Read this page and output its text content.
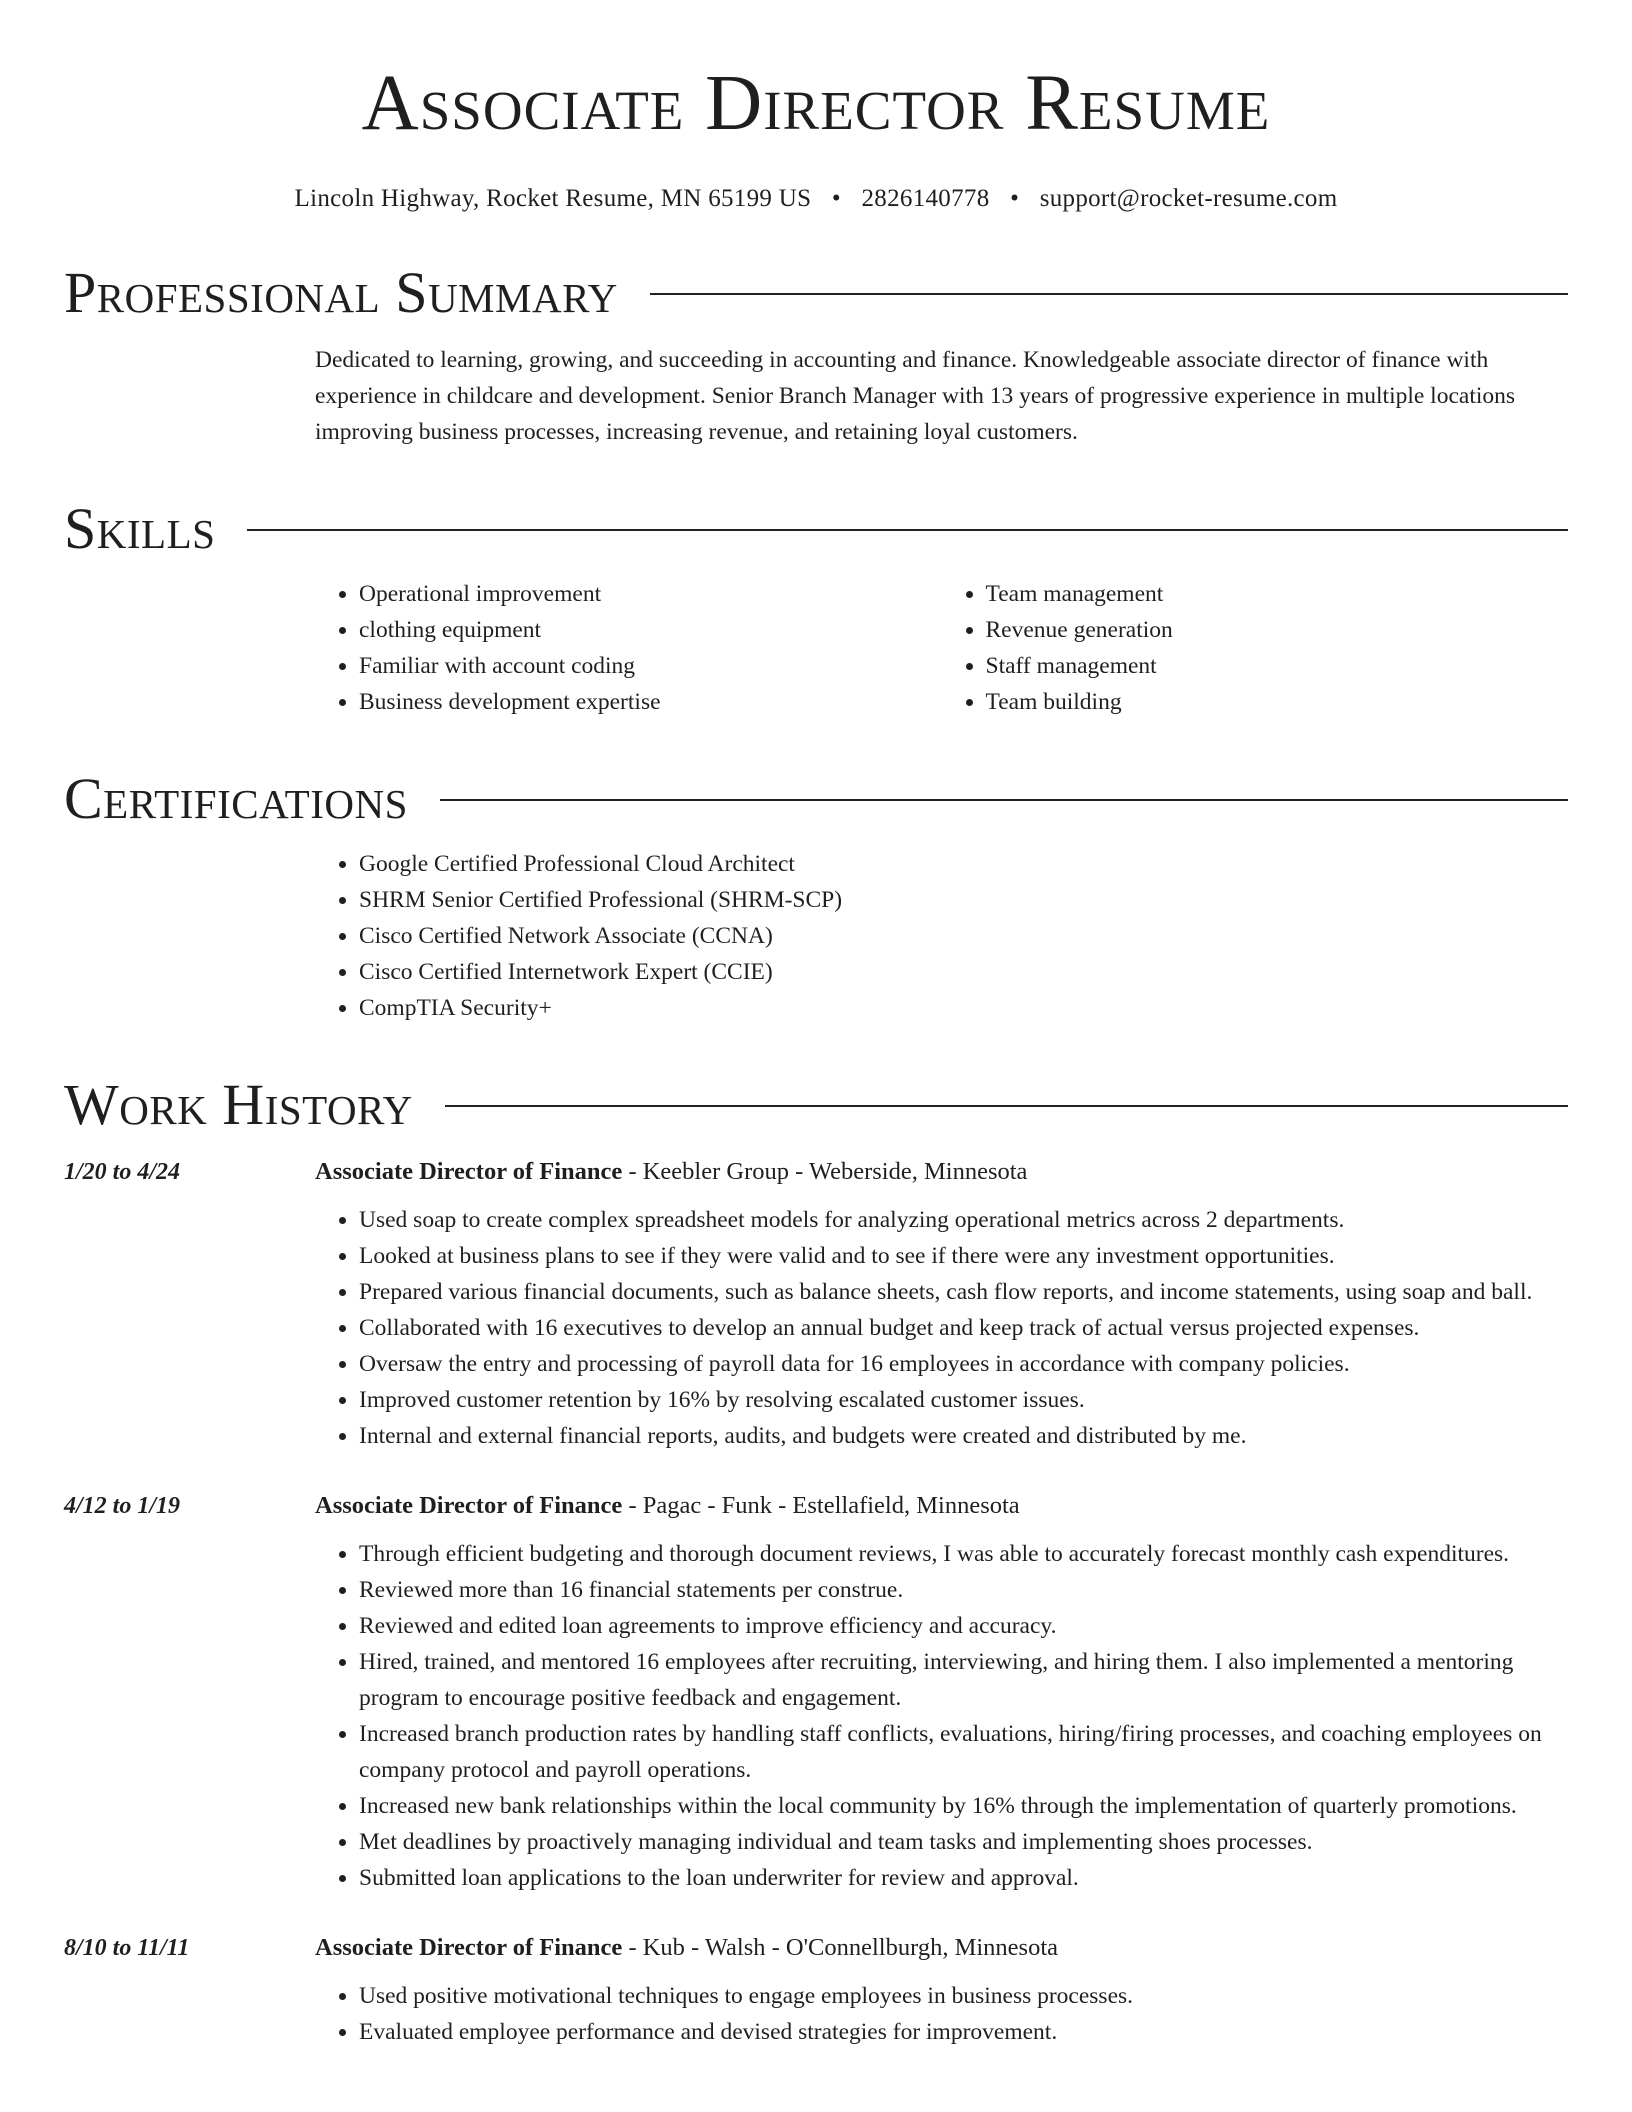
Associate Director Resume
Lincoln Highway, Rocket Resume, MN 65199 US • 2826140778 • support@rocket-resume.com
Professional Summary
Dedicated to learning, growing, and succeeding in accounting and finance. Knowledgeable associate director of finance with experience in childcare and development. Senior Branch Manager with 13 years of progressive experience in multiple locations improving business processes, increasing revenue, and retaining loyal customers.
Skills
• Operational improvement
• clothing equipment
• Familiar with account coding
• Business development expertise
• Team management
• Revenue generation
• Staff management
• Team building
Certifications
• Google Certified Professional Cloud Architect
• SHRM Senior Certified Professional (SHRM-SCP)
• Cisco Certified Network Associate (CCNA)
• Cisco Certified Internetwork Expert (CCIE)
• CompTIA Security+
Work History
1/20 to 4/24	Associate Director of Finance - Keebler Group - Weberside, Minnesota
• Used soap to create complex spreadsheet models for analyzing operational metrics across 2 departments.
• Looked at business plans to see if they were valid and to see if there were any investment opportunities.
• Prepared various financial documents, such as balance sheets, cash flow reports, and income statements, using soap and ball.
• Collaborated with 16 executives to develop an annual budget and keep track of actual versus projected expenses.
• Oversaw the entry and processing of payroll data for 16 employees in accordance with company policies.
• Improved customer retention by 16% by resolving escalated customer issues.
• Internal and external financial reports, audits, and budgets were created and distributed by me.
4/12 to 1/19	Associate Director of Finance - Pagac - Funk - Estellafield, Minnesota
• Through efficient budgeting and thorough document reviews, I was able to accurately forecast monthly cash expenditures.
• Reviewed more than 16 financial statements per construe.
• Reviewed and edited loan agreements to improve efficiency and accuracy.
• Hired, trained, and mentored 16 employees after recruiting, interviewing, and hiring them. I also implemented a mentoring program to encourage positive feedback and engagement.
• Increased branch production rates by handling staff conflicts, evaluations, hiring/firing processes, and coaching employees on company protocol and payroll operations.
• Increased new bank relationships within the local community by 16% through the implementation of quarterly promotions.
• Met deadlines by proactively managing individual and team tasks and implementing shoes processes.
• Submitted loan applications to the loan underwriter for review and approval.
8/10 to 11/11	Associate Director of Finance - Kub - Walsh - O'Connellburgh, Minnesota
• Used positive motivational techniques to engage employees in business processes.
• Evaluated employee performance and devised strategies for improvement.
